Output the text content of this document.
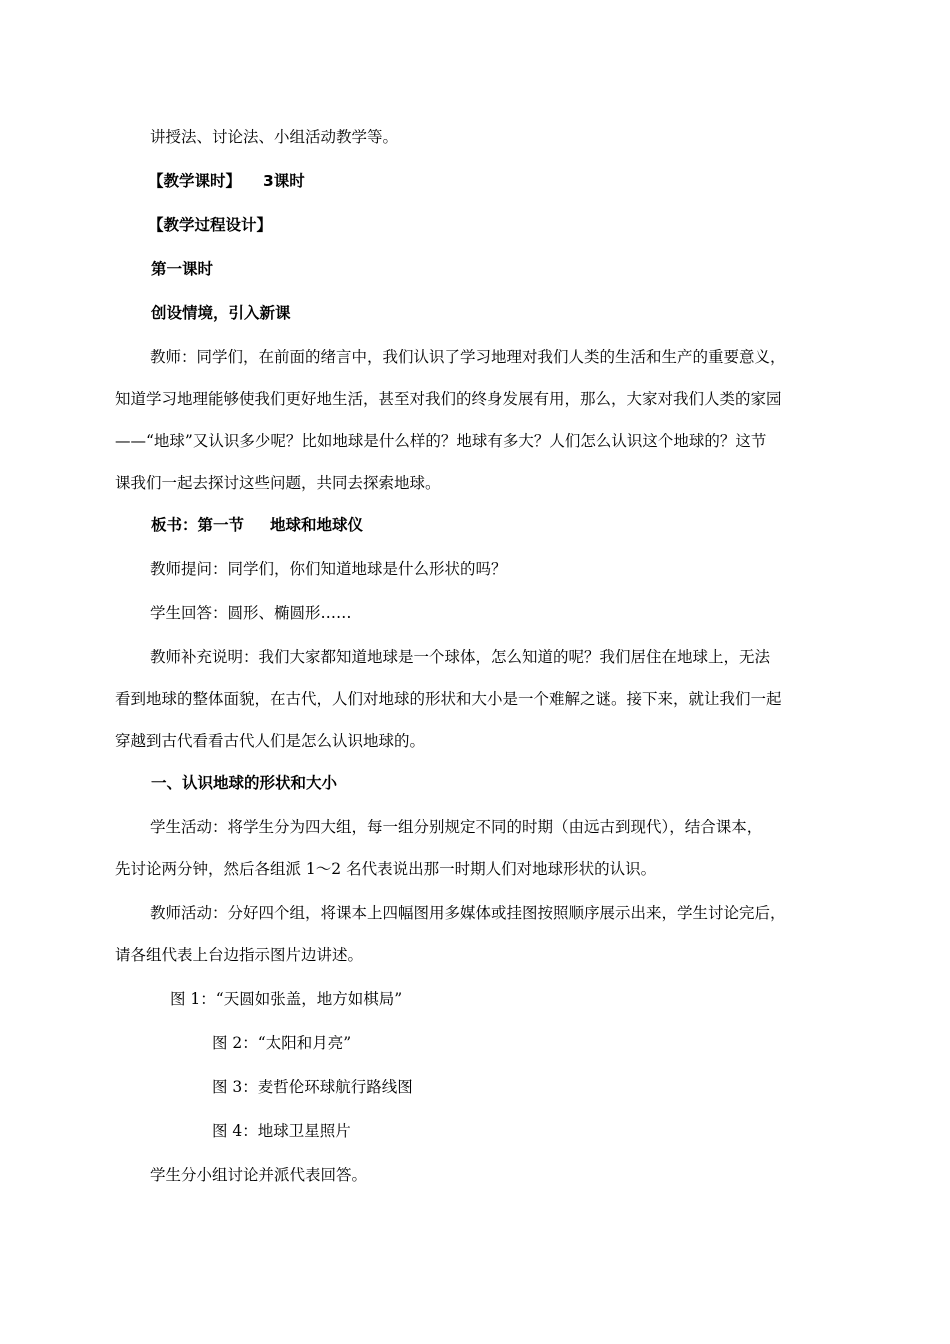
讲授法、讨论法、小组活动教学等。
【教学课时】 3课时
【教学过程设计】
第一课时
创设情境，引入新课
教师：同学们，在前面的绪言中，我们认识了学习地理对我们人类的生活和生产的重要意义，
知道学习地理能够使我们更好地生活，甚至对我们的终身发展有用，那么，大家对我们人类的家园
——“地球”又认识多少呢？比如地球是什么样的？地球有多大？人们怎么认识这个地球的？这节
课我们一起去探讨这些问题，共同去探索地球。
板书：第一节 地球和地球仪
教师提问：同学们，你们知道地球是什么形状的吗？
学生回答：圆形、椭圆形……
教师补充说明：我们大家都知道地球是一个球体，怎么知道的呢？我们居住在地球上，无法
看到地球的整体面貌，在古代，人们对地球的形状和大小是一个难解之谜。接下来，就让我们一起
穿越到古代看看古代人们是怎么认识地球的。
一、认识地球的形状和大小
学生活动：将学生分为四大组，每一组分别规定不同的时期（由远古到现代），结合课本，
先讨论两分钟，然后各组派 1～2 名代表说出那一时期人们对地球形状的认识。
教师活动：分好四个组，将课本上四幅图用多媒体或挂图按照顺序展示出来，学生讨论完后，
请各组代表上台边指示图片边讲述。
图 1：“天圆如张盖，地方如棋局”
图 2：“太阳和月亮”
图 3：麦哲伦环球航行路线图
图 4：地球卫星照片
学生分小组讨论并派代表回答。
